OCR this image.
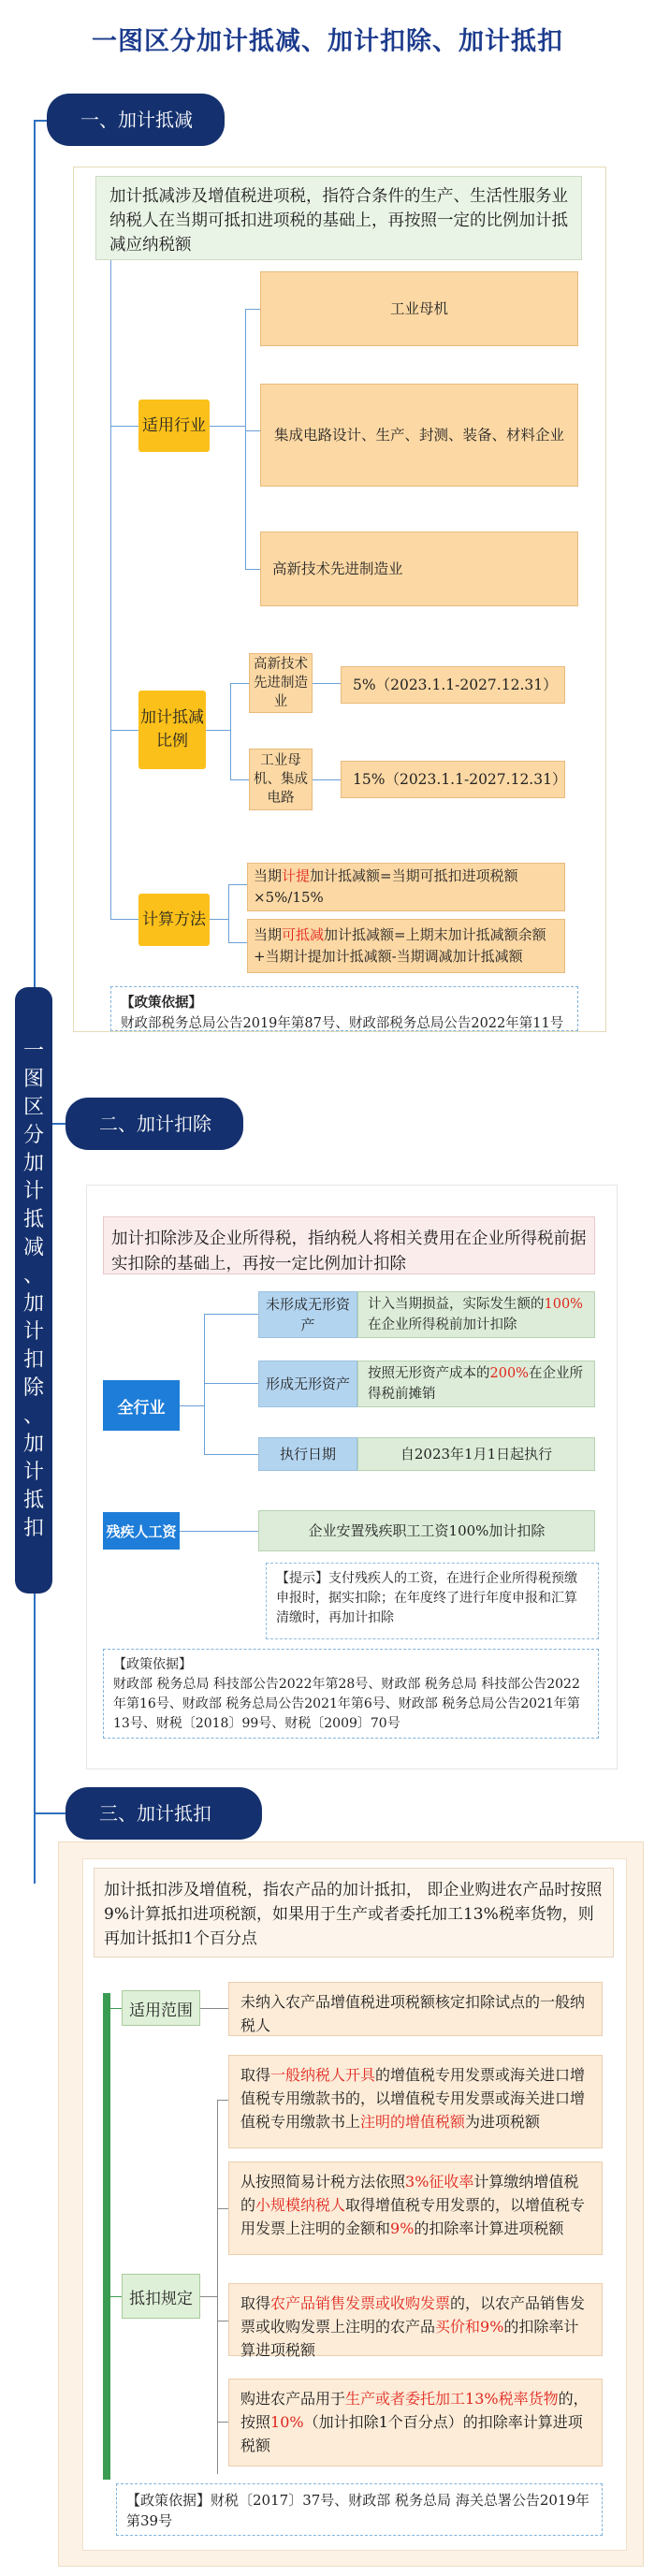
一图区分加计抵减、加计扣除、加计抵扣
一
图
区
分
加
计
抵
减
、
加
计
扣
除
、
加
计
抵
扣
一、加计抵减
加计抵减涉及增值税进项税，指符合条件的生产、生活性服务业纳税人在当期可抵扣进项税的基础上，再按照一定的比例加计抵减应纳税额
适用行业
工业母机
集成电路设计、生产、封测、装备、材料企业
高新技术先进制造业
加计抵减比例
高新技术先进制造业
5%（2023.1.1-2027.12.31）
工业母机、集成电路
15%（2023.1.1-2027.12.31）
计算方法
当期计提加计抵减额=当期可抵扣进项税额×5%/15%
当期可抵减加计抵减额=上期末加计抵减额余额+当期计提加计抵减额-当期调减加计抵减额
【政策依据】
财政部税务总局公告2019年第87号、财政部税务总局公告2022年第11号
二、加计扣除
加计扣除涉及企业所得税，指纳税人将相关费用在企业所得税前据实扣除的基础上，再按一定比例加计扣除
全行业
未形成无形资产
计入当期损益，实际发生额的100%在企业所得税前加计扣除
形成无形资产
按照无形资产成本的200%在企业所得税前摊销
执行日期	自2023年1月1日起执行
残疾人工资	企业安置残疾职工工资100%加计扣除
【提示】支付残疾人的工资，在进行企业所得税预缴申报时，据实扣除；在年度终了进行年度申报和汇算清缴时，再加计扣除
【政策依据】
财政部 税务总局 科技部公告2022年第28号、财政部 税务总局 科技部公告2022年第16号、财政部 税务总局公告2021年第6号、财政部 税务总局公告2021年第13号、财税〔2018〕99号、财税〔2009〕70号
三、加计抵扣
加计抵扣涉及增值税，指农产品的加计抵扣， 即企业购进农产品时按照9%计算抵扣进项税额，如果用于生产或者委托加工13%税率货物，则再加计抵扣1个百分点
适用范围	未纳入农产品增值税进项税额核定扣除试点的一般纳税人
抵扣规定
取得一般纳税人开具的增值税专用发票或海关进口增值税专用缴款书的，以增值税专用发票或海关进口增值税专用缴款书上注明的增值税额为进项税额
从按照简易计税方法依照3%征收率计算缴纳增值税的小规模纳税人取得增值税专用发票的，以增值税专用发票上注明的金额和9%的扣除率计算进项税额
取得农产品销售发票或收购发票的，以农产品销售发票或收购发票上注明的农产品买价和9%的扣除率计算进项税额
购进农产品用于生产或者委托加工13%税率货物的，按照10%（加计扣除1个百分点）的扣除率计算进项税额
【政策依据】财税〔2017〕37号、财政部 税务总局 海关总署公告2019年第39号
